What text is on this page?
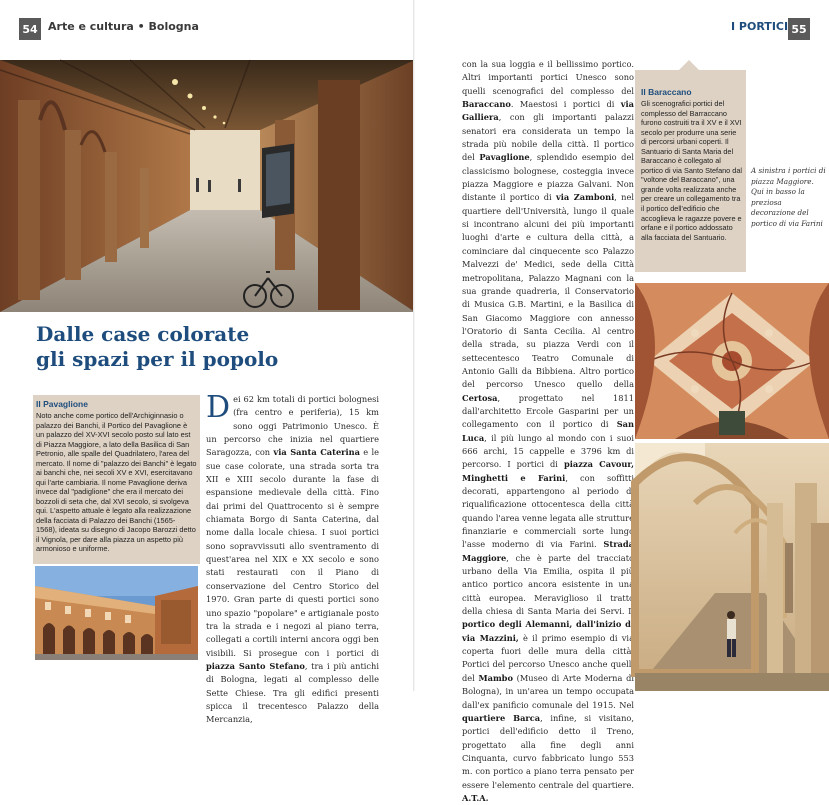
54 Arte e cultura • Bologna
Dalle case colorate
gli spazi per il popolo

Il Pavaglione

Noto anche come portico dell'Archiginnasio o palazzo dei Banchi, il Portico del Pavaglione è un palazzo del XV-XVI secolo posto sul lato est di Piazza Maggiore, a lato della Basilica di San Petronio, alle spalle del Quadrilatero, l'area del mercato. Il nome di "palazzo dei Banchi" è legato ai banchi che, nei secoli XV e XVI, esercitavano qui l'arte cambiaria. Il nome Pavaglione deriva invece dal "padiglione" che era il mercato dei bozzoli di seta che, dal XVI secolo, si svolgeva qui. L'aspetto attuale è legato alla realizzazione della facciata di Palazzo dei Banchi (1565- 1568), ideata su disegno di Jacopo Barozzi detto il Vignola, per dare alla piazza un aspetto più armonioso e uniforme.

Dei 62 km totali di portici bolognesi (fra centro e periferia), 15 km sono oggi Patrimonio Unesco. È un percorso che inizia nel quartiere Saragozza, con via Santa Caterina e le sue case colorate, una strada sorta tra XII e XIII secolo durante la fase di espansione medievale della città. Fino dai primi del Quattrocento si è sempre chiamata Borgo di Santa Caterina, dal nome dalla locale chiesa. I suoi portici sono sopravvissuti allo sventramento di quest'area nel XIX e XX secolo e sono stati restaurati con il Piano di conservazione del Centro Storico del 1970. Gran parte di questi portici sono uno spazio "popolare" e artigianale posto tra la strada e i negozi al piano terra, collegati a cortili interni ancora oggi ben visibili. Si prosegue con i portici di piazza Santo Stefano, tra i più antichi di Bologna, legati al complesso delle Sette Chiese. Tra gli edifici presenti spicca il trecentesco Palazzo della Mercanzia,

I PORTICI 55

con la sua loggia e il bellissimo portico. Altri importanti portici Unesco sono quelli scenografici del complesso del Baraccano. Maestosi i portici di via Galliera, con gli importanti palazzi senatori era considerata un tempo la strada più nobile della città. Il portico del Pavaglione, splendido esempio del classicismo bolognese, costeggia invece piazza Maggiore e piazza Galvani. Non distante il portico di via Zamboni, nel quartiere dell'Università, lungo il quale si incontrano alcuni dei più importanti luoghi d'arte e cultura della città, a cominciare dal cinquecente sco Palazzo Malvezzi de' Medici, sede della Città metropolitana, Palazzo Magnani con la sua grande quadreria, il Conservatorio di Musica G.B. Martini, e la Basilica di San Giacomo Maggiore con annesso l'Oratorio di Santa Cecilia. Al centro della strada, su piazza Verdi con il settecentesco Teatro Comunale di Antonio Galli da Bibbiena. Altro portico del percorso Unesco quello della Certosa, progettato nel 1811 dall'architetto Ercole Gasparini per un collegamento con il portico di San Luca, il più lungo al mondo con i suoi 666 archi, 15 cappelle e 3796 km di percorso. I portici di piazza Cavour, Minghetti e Farini, con soffitti decorati, appartengono al periodo di riqualificazione ottocentesca della città quando l'area venne legata alle strutture finanziarie e commerciali sorte lungo l'asse moderno di via Farini. Strada Maggiore, che è parte del tracciato urbano della Via Emilia, ospita il più antico portico ancora esistente in una città europea. Meraviglioso il tratto della chiesa di Santa Maria dei Servi. Il portico degli Alemanni, dall'inizio di via Mazzini, è il primo esempio di via coperta fuori delle mura della città. Portici del percorso Unesco anche quelli del Mambo (Museo di Arte Moderna di Bologna), in un'area un tempo occupata dall'ex panificio comunale del 1915. Nel quartiere Barca, infine, si visitano, portici dell'edificio detto il Treno, progettato alla fine degli anni Cinquanta, curvo fabbricato lungo 553 m. con portico a piano terra pensato per essere l'elemento centrale del quartiere. A.T.A.

Il Baraccano

Gli scenografici portici del complesso del Barraccano furono costruiti tra il XV e il XVI secolo per produrre una serie di percorsi urbani coperti. Il Santuario di Santa Maria del Baraccano è collegato al portico di via Santo Stefano dal "voltone del Baraccano", una grande volta realizzata anche per creare un collegamento tra il portico dell'edificio che accoglieva le ragazze povere e orfane e il portico addossato alla facciata del Santuario.

A sinistra i portici di piazza Maggiore. Qui in basso la preziosa decorazione del portico di via Farini
